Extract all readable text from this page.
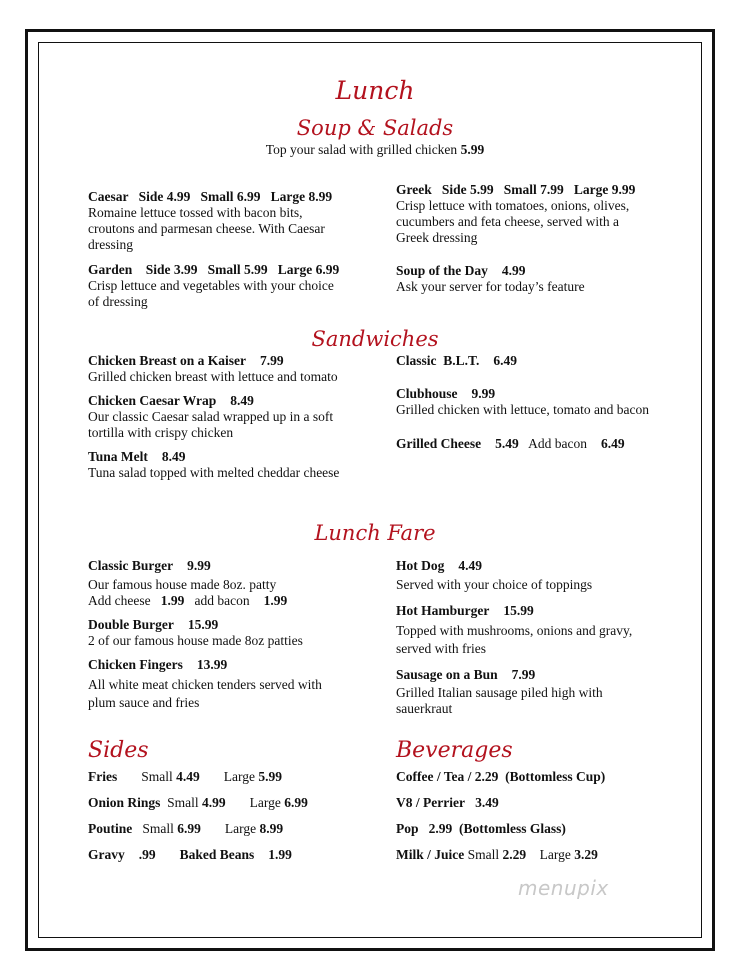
Lunch
Soup & Salads
Top your salad with grilled chicken 5.99
Caesar Side 4.99 Small 6.99 Large 8.99
Romaine lettuce tossed with bacon bits,
croutons and parmesan cheese. With Caesar
dressing
Garden Side 3.99 Small 5.99 Large 6.99
Crisp lettuce and vegetables with your choice
of dressing
Greek Side 5.99 Small 7.99 Large 9.99
Crisp lettuce with tomatoes, onions, olives,
cucumbers and feta cheese, served with a
Greek dressing
Soup of the Day 4.99
Ask your server for today’s feature
Sandwiches
Chicken Breast on a Kaiser 7.99
Grilled chicken breast with lettuce and tomato
Chicken Caesar Wrap 8.49
Our classic Caesar salad wrapped up in a soft
tortilla with crispy chicken
Tuna Melt 8.49
Tuna salad topped with melted cheddar cheese
Classic  B.L.T. 6.49
Clubhouse 9.99
Grilled chicken with lettuce, tomato and bacon
Grilled Cheese 5.49 Add bacon 6.49
Lunch Fare
Classic Burger 9.99
Our famous house made 8oz. patty
Add cheese 1.99 add bacon 1.99
Double Burger 15.99
2 of our famous house made 8oz patties
Chicken Fingers 13.99
All white meat chicken tenders served with
plum sauce and fries
Hot Dog 4.49
Served with your choice of toppings
Hot Hamburger 15.99
Topped with mushrooms, onions and gravy,
served with fries
Sausage on a Bun 7.99
Grilled Italian sausage piled high with
sauerkraut
Sides
Fries Small 4.49 Large 5.99
Onion Rings Small 4.99 Large 6.99
Poutine Small 6.99 Large 8.99
Gravy .99 Baked Beans 1.99
Beverages
Coffee / Tea / 2.29  (Bottomless Cup)
V8 / Perrier 3.49
Pop 2.99 (Bottomless Glass)
Milk / Juice Small 2.29 Large 3.29
menupix
